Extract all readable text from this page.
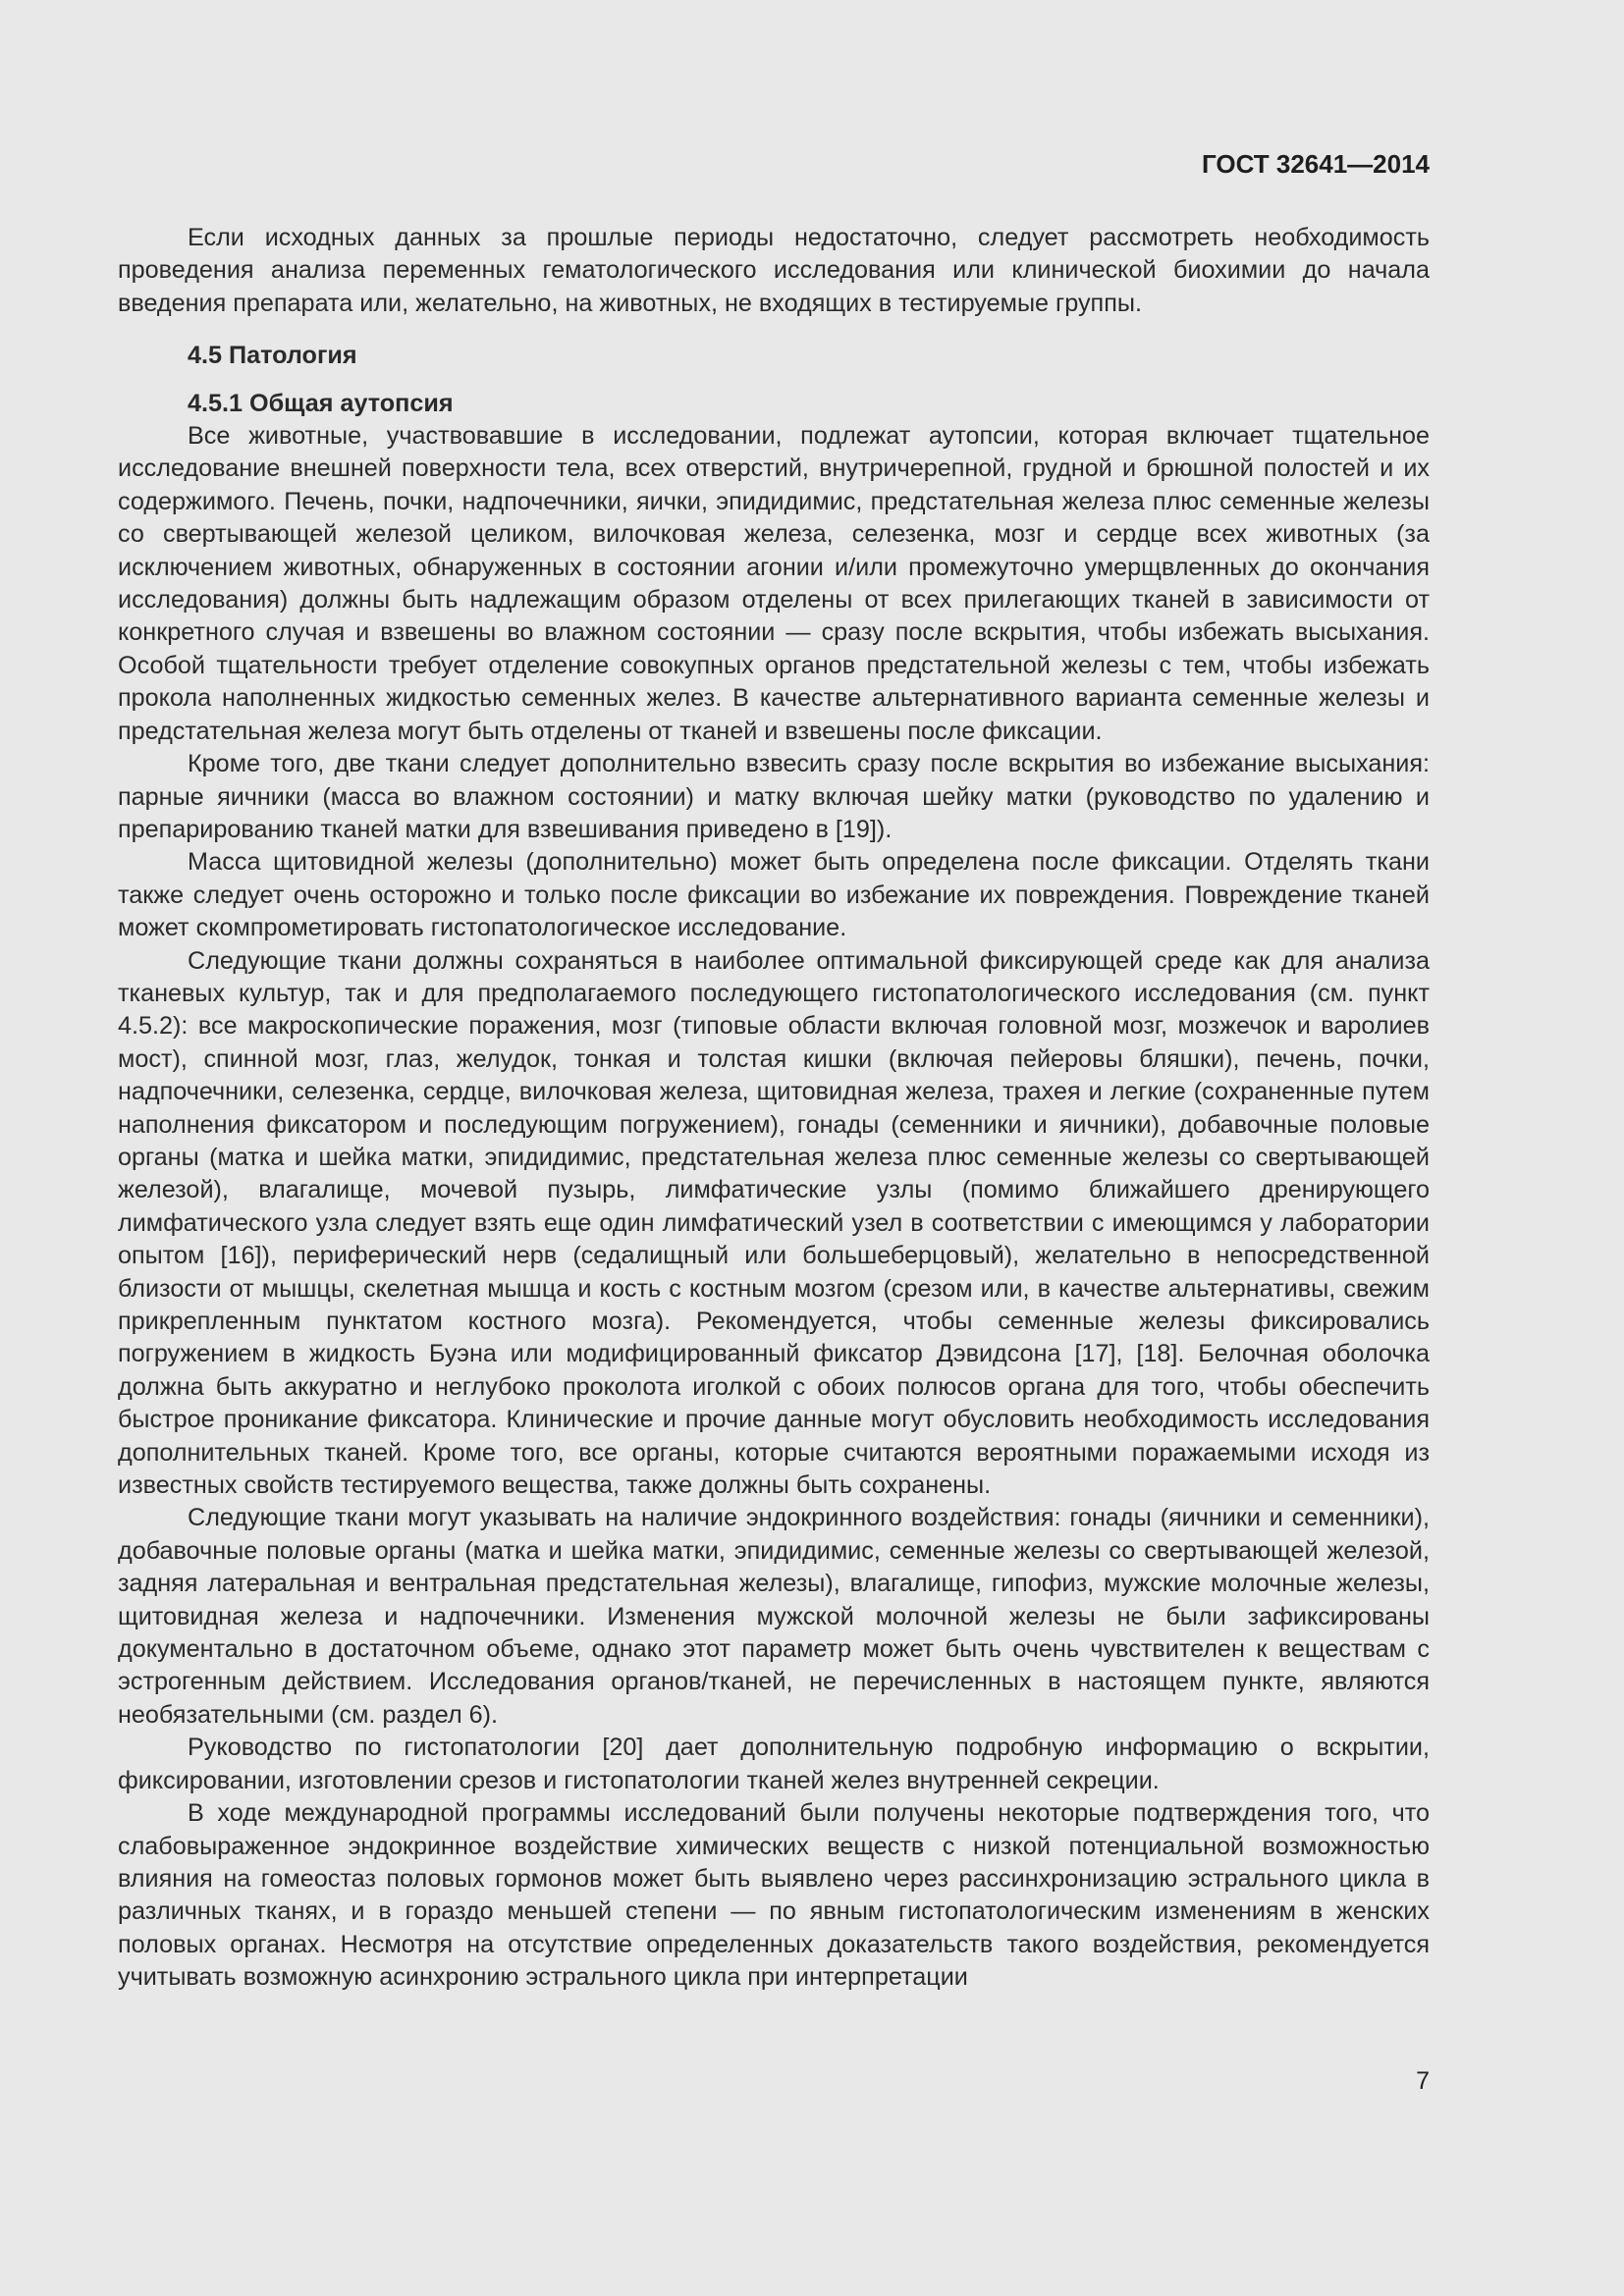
ГОСТ 32641—2014

Если исходных данных за прошлые периоды недостаточно, следует рассмотреть необходимость проведения анализа переменных гематологического исследования или клинической биохимии до начала введения препарата или, желательно, на животных, не входящих в тестируемые группы.

4.5 Патология
4.5.1 Общая аутопсия

Все животные, участвовавшие в исследовании, подлежат аутопсии, которая включает тщательное исследование внешней поверхности тела, всех отверстий, внутричерепной, грудной и брюшной полостей и их содержимого. Печень, почки, надпочечники, яички, эпидидимис, предстательная железа плюс семенные железы со свертывающей железой целиком, вилочковая железа, селезенка, мозг и сердце всех животных (за исключением животных, обнаруженных в состоянии агонии и/или промежуточно умерщвленных до окончания исследования) должны быть надлежащим образом отделены от всех прилегающих тканей в зависимости от конкретного случая и взвешены во влажном состоянии — сразу после вскрытия, чтобы избежать высыхания. Особой тщательности требует отделение совокупных органов предстательной железы с тем, чтобы избежать прокола наполненных жидкостью семенных желез. В качестве альтернативного варианта семенные железы и предстательная железа могут быть отделены от тканей и взвешены после фиксации.

Кроме того, две ткани следует дополнительно взвесить сразу после вскрытия во избежание высыхания: парные яичники (масса во влажном состоянии) и матку включая шейку матки (руководство по удалению и препарированию тканей матки для взвешивания приведено в [19]).

Масса щитовидной железы (дополнительно) может быть определена после фиксации. Отделять ткани также следует очень осторожно и только после фиксации во избежание их повреждения. Повреждение тканей может скомпрометировать гистопатологическое исследование.

Следующие ткани должны сохраняться в наиболее оптимальной фиксирующей среде как для анализа тканевых культур, так и для предполагаемого последующего гистопатологического исследования (см. пункт 4.5.2): все макроскопические поражения, мозг (типовые области включая головной мозг, мозжечок и варолиев мост), спинной мозг, глаз, желудок, тонкая и толстая кишки (включая пейеровы бляшки), печень, почки, надпочечники, селезенка, сердце, вилочковая железа, щитовидная железа, трахея и легкие (сохраненные путем наполнения фиксатором и последующим погружением), гонады (семенники и яичники), добавочные половые органы (матка и шейка матки, эпидидимис, предстательная железа плюс семенные железы со свертывающей железой), влагалище, мочевой пузырь, лимфатические узлы (помимо ближайшего дренирующего лимфатического узла следует взять еще один лимфатический узел в соответствии с имеющимся у лаборатории опытом [16]), периферический нерв (седалищный или большеберцовый), желательно в непосредственной близости от мышцы, скелетная мышца и кость с костным мозгом (срезом или, в качестве альтернативы, свежим прикрепленным пунктатом костного мозга). Рекомендуется, чтобы семенные железы фиксировались погружением в жидкость Буэна или модифицированный фиксатор Дэвидсона [17], [18]. Белочная оболочка должна быть аккуратно и неглубоко проколота иголкой с обоих полюсов органа для того, чтобы обеспечить быстрое проникание фиксатора. Клинические и прочие данные могут обусловить необходимость исследования дополнительных тканей. Кроме того, все органы, которые считаются вероятными поражаемыми исходя из известных свойств тестируемого вещества, также должны быть сохранены.

Следующие ткани могут указывать на наличие эндокринного воздействия: гонады (яичники и семенники), добавочные половые органы (матка и шейка матки, эпидидимис, семенные железы со свертывающей железой, задняя латеральная и вентральная предстательная железы), влагалище, гипофиз, мужские молочные железы, щитовидная железа и надпочечники. Изменения мужской молочной железы не были зафиксированы документально в достаточном объеме, однако этот параметр может быть очень чувствителен к веществам с эстрогенным действием. Исследования органов/тканей, не перечисленных в настоящем пункте, являются необязательными (см. раздел 6).

Руководство по гистопатологии [20] дает дополнительную подробную информацию о вскрытии, фиксировании, изготовлении срезов и гистопатологии тканей желез внутренней секреции.

В ходе международной программы исследований были получены некоторые подтверждения того, что слабовыраженное эндокринное воздействие химических веществ с низкой потенциальной возможностью влияния на гомеостаз половых гормонов может быть выявлено через рассинхронизацию эстрального цикла в различных тканях, и в гораздо меньшей степени — по явным гистопатологическим изменениям в женских половых органах. Несмотря на отсутствие определенных доказательств такого воздействия, рекомендуется учитывать возможную асинхронию эстрального цикла при интерпретации

7
